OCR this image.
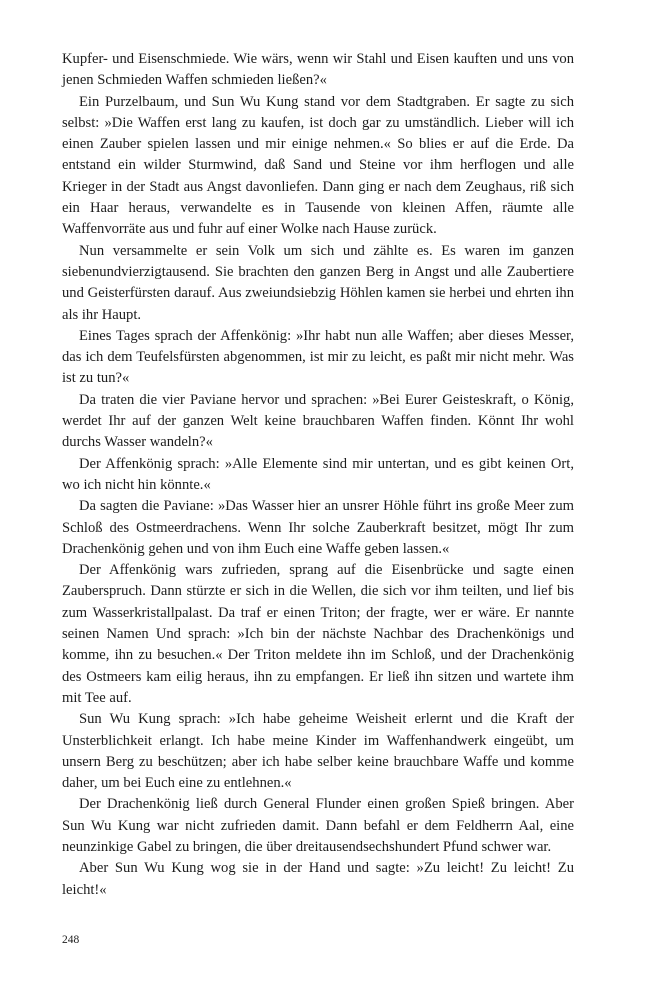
Kupfer- und Eisenschmiede. Wie wärs, wenn wir Stahl und Eisen kauften und uns von jenen Schmieden Waffen schmieden ließen?«

Ein Purzelbaum, und Sun Wu Kung stand vor dem Stadtgraben. Er sagte zu sich selbst: »Die Waffen erst lang zu kaufen, ist doch gar zu umständlich. Lieber will ich einen Zauber spielen lassen und mir einige nehmen.« So blies er auf die Erde. Da entstand ein wilder Sturmwind, daß Sand und Steine vor ihm herflogen und alle Krieger in der Stadt aus Angst davonliefen. Dann ging er nach dem Zeughaus, riß sich ein Haar heraus, verwandelte es in Tausende von kleinen Affen, räumte alle Waffenvorräte aus und fuhr auf einer Wolke nach Hause zurück.

Nun versammelte er sein Volk um sich und zählte es. Es waren im ganzen siebenundvierzigtausend. Sie brachten den ganzen Berg in Angst und alle Zaubertiere und Geisterfürsten darauf. Aus zweiundsiebzig Höhlen kamen sie herbei und ehrten ihn als ihr Haupt.

Eines Tages sprach der Affenkönig: »Ihr habt nun alle Waffen; aber dieses Messer, das ich dem Teufelsfürsten abgenommen, ist mir zu leicht, es paßt mir nicht mehr. Was ist zu tun?«

Da traten die vier Paviane hervor und sprachen: »Bei Eurer Geisteskraft, o König, werdet Ihr auf der ganzen Welt keine brauchbaren Waffen finden. Könnt Ihr wohl durchs Wasser wandeln?«

Der Affenkönig sprach: »Alle Elemente sind mir untertan, und es gibt keinen Ort, wo ich nicht hin könnte.«

Da sagten die Paviane: »Das Wasser hier an unsrer Höhle führt ins große Meer zum Schloß des Ostmeerdrachens. Wenn Ihr solche Zauberkraft besitzet, mögt Ihr zum Drachenkönig gehen und von ihm Euch eine Waffe geben lassen.«

Der Affenkönig wars zufrieden, sprang auf die Eisenbrücke und sagte einen Zauberspruch. Dann stürzte er sich in die Wellen, die sich vor ihm teilten, und lief bis zum Wasserkristallpalast. Da traf er einen Triton; der fragte, wer er wäre. Er nannte seinen Namen Und sprach: »Ich bin der nächste Nachbar des Drachenkönigs und komme, ihn zu besuchen.« Der Triton meldete ihn im Schloß, und der Drachenkönig des Ostmeers kam eilig heraus, ihn zu empfangen. Er ließ ihn sitzen und wartete ihm mit Tee auf.

Sun Wu Kung sprach: »Ich habe geheime Weisheit erlernt und die Kraft der Unsterblichkeit erlangt. Ich habe meine Kinder im Waffenhandwerk eingeübt, um unsern Berg zu beschützen; aber ich habe selber keine brauchbare Waffe und komme daher, um bei Euch eine zu entlehnen.«

Der Drachenkönig ließ durch General Flunder einen großen Spieß bringen. Aber Sun Wu Kung war nicht zufrieden damit. Dann befahl er dem Feldherrn Aal, eine neunzinkige Gabel zu bringen, die über dreitausendsechshundert Pfund schwer war.

Aber Sun Wu Kung wog sie in der Hand und sagte: »Zu leicht! Zu leicht! Zu leicht!«

248
